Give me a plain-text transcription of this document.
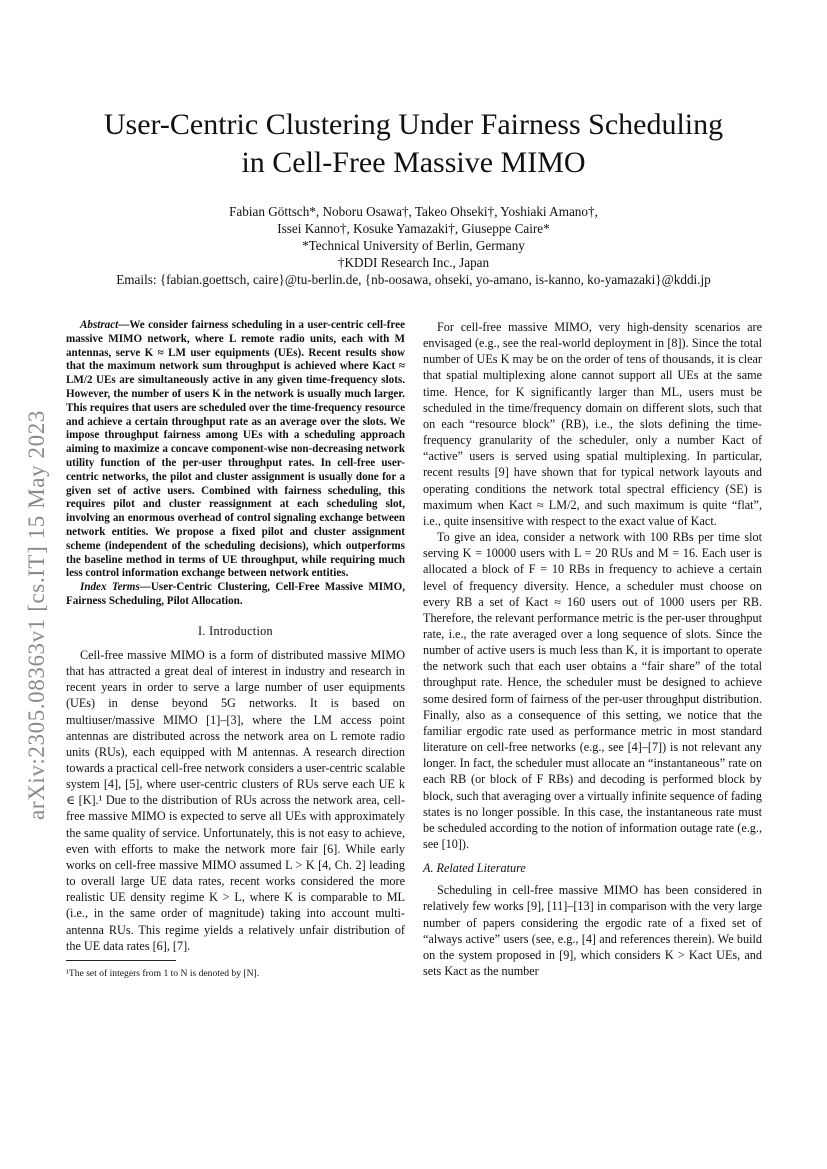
arXiv:2305.08363v1 [cs.IT] 15 May 2023
User-Centric Clustering Under Fairness Scheduling
in Cell-Free Massive MIMO
Fabian Göttsch*, Noboru Osawa†, Takeo Ohseki†, Yoshiaki Amano†,
Issei Kanno†, Kosuke Yamazaki†, Giuseppe Caire*
*Technical University of Berlin, Germany
†KDDI Research Inc., Japan
Emails: {fabian.goettsch, caire}@tu-berlin.de, {nb-oosawa, ohseki, yo-amano, is-kanno, ko-yamazaki}@kddi.jp

Abstract—We consider fairness scheduling in a user-centric cell-free massive MIMO network, where L remote radio units, each with M antennas, serve K ≈ LM user equipments (UEs). Recent results show that the maximum network sum throughput is achieved where Kact ≈ LM/2 UEs are simultaneously active in any given time-frequency slots. However, the number of users K in the network is usually much larger. This requires that users are scheduled over the time-frequency resource and achieve a certain throughput rate as an average over the slots. We impose throughput fairness among UEs with a scheduling approach aiming to maximize a concave component-wise non-decreasing network utility function of the per-user throughput rates. In cell-free user-centric networks, the pilot and cluster assignment is usually done for a given set of active users. Combined with fairness scheduling, this requires pilot and cluster reassignment at each scheduling slot, involving an enormous overhead of control signaling exchange between network entities. We propose a fixed pilot and cluster assignment scheme (independent of the scheduling decisions), which outperforms the baseline method in terms of UE throughput, while requiring much less control information exchange between network entities.

Index Terms—User-Centric Clustering, Cell-Free Massive MIMO, Fairness Scheduling, Pilot Allocation.

I. Introduction

Cell-free massive MIMO is a form of distributed massive MIMO that has attracted a great deal of interest in industry and research in recent years in order to serve a large number of user equipments (UEs) in dense beyond 5G networks. It is based on multiuser/massive MIMO [1]–[3], where the LM access point antennas are distributed across the network area on L remote radio units (RUs), each equipped with M antennas. A research direction towards a practical cell-free network considers a user-centric scalable system [4], [5], where user-centric clusters of RUs serve each UE k ∈ [K].¹ Due to the distribution of RUs across the network area, cell-free massive MIMO is expected to serve all UEs with approximately the same quality of service. Unfortunately, this is not easy to achieve, even with efforts to make the network more fair [6]. While early works on cell-free massive MIMO assumed L > K [4, Ch. 2] leading to overall large UE data rates, recent works considered the more realistic UE density regime K > L, where K is comparable to ML (i.e., in the same order of magnitude) taking into account multi-antenna RUs. This regime yields a relatively unfair distribution of the UE data rates [6], [7].

¹The set of integers from 1 to N is denoted by [N].

For cell-free massive MIMO, very high-density scenarios are envisaged (e.g., see the real-world deployment in [8]). Since the total number of UEs K may be on the order of tens of thousands, it is clear that spatial multiplexing alone cannot support all UEs at the same time. Hence, for K significantly larger than ML, users must be scheduled in the time/frequency domain on different slots, such that on each “resource block” (RB), i.e., the slots defining the time-frequency granularity of the scheduler, only a number Kact of “active” users is served using spatial multiplexing. In particular, recent results [9] have shown that for typical network layouts and operating conditions the network total spectral efficiency (SE) is maximum when Kact ≈ LM/2, and such maximum is quite “flat”, i.e., quite insensitive with respect to the exact value of Kact.

To give an idea, consider a network with 100 RBs per time slot serving K = 10000 users with L = 20 RUs and M = 16. Each user is allocated a block of F = 10 RBs in frequency to achieve a certain level of frequency diversity. Hence, a scheduler must choose on every RB a set of Kact ≈ 160 users out of 1000 users per RB. Therefore, the relevant performance metric is the per-user throughput rate, i.e., the rate averaged over a long sequence of slots. Since the number of active users is much less than K, it is important to operate the network such that each user obtains a “fair share” of the total throughput rate. Hence, the scheduler must be designed to achieve some desired form of fairness of the per-user throughput distribution. Finally, also as a consequence of this setting, we notice that the familiar ergodic rate used as performance metric in most standard literature on cell-free networks (e.g., see [4]–[7]) is not relevant any longer. In fact, the scheduler must allocate an “instantaneous” rate on each RB (or block of F RBs) and decoding is performed block by block, such that averaging over a virtually infinite sequence of fading states is no longer possible. In this case, the instantaneous rate must be scheduled according to the notion of information outage rate (e.g., see [10]).

A. Related Literature

Scheduling in cell-free massive MIMO has been considered in relatively few works [9], [11]–[13] in comparison with the very large number of papers considering the ergodic rate of a fixed set of “always active” users (see, e.g., [4] and references therein). We build on the system proposed in [9], which considers K > Kact UEs, and sets Kact as the number
